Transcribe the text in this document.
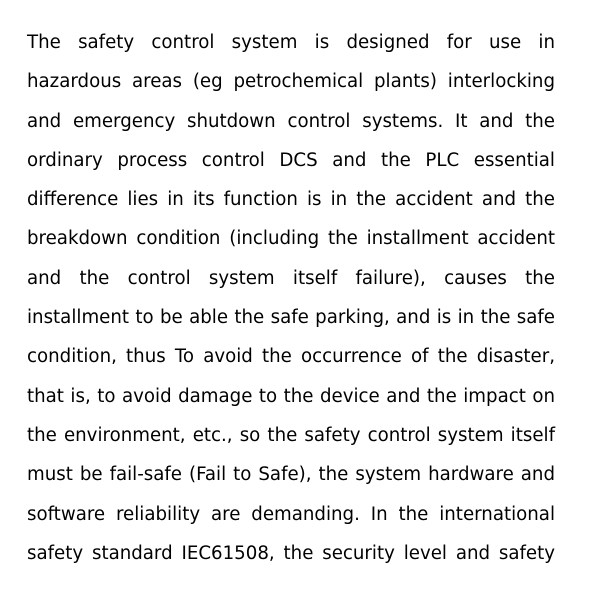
The safety control system is designed for use in
hazardous areas (eg petrochemical plants) interlocking
and emergency shutdown control systems. It and the
ordinary process control DCS and the PLC essential
difference lies in its function is in the accident and the
breakdown condition (including the installment accident
and the control system itself failure), causes the
installment to be able the safe parking, and is in the safe
condition, thus To avoid the occurrence of the disaster,
that is, to avoid damage to the device and the impact on
the environment, etc., so the safety control system itself
must be fail-safe (Fail to Safe), the system hardware and
software reliability are demanding. In the international
safety standard IEC61508, the security level and safety
